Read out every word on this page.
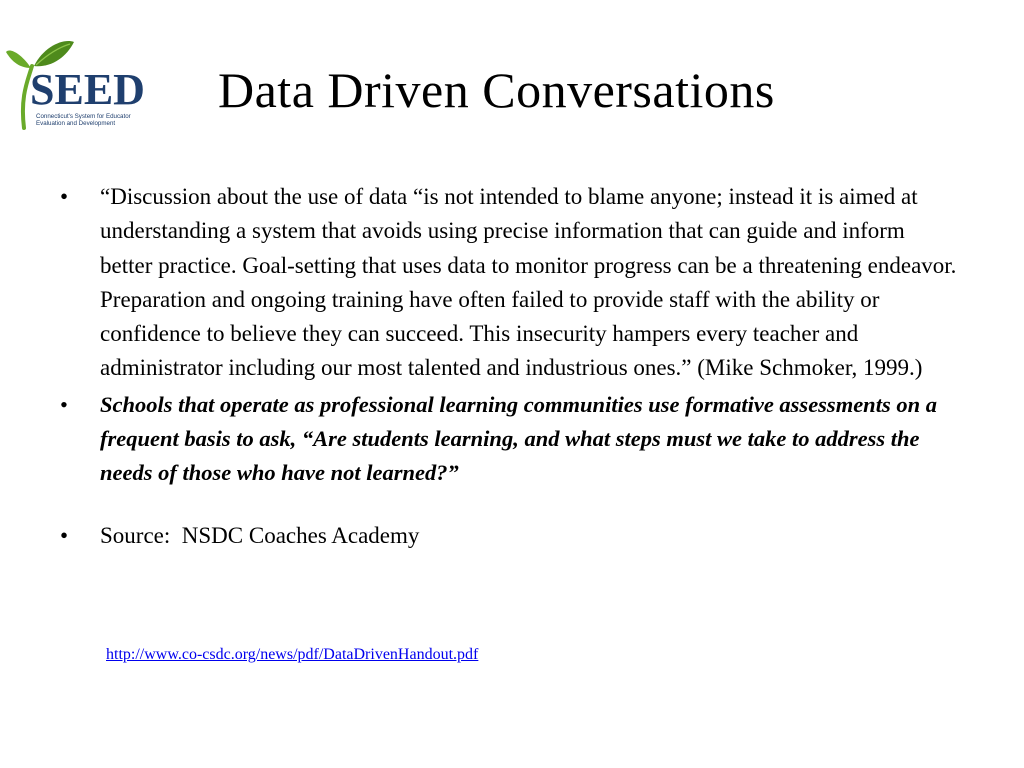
SEED
Connecticut's System for Educator
Evaluation and Development
Data Driven Conversations
• “Discussion about the use of data “is not intended to blame anyone; instead it is aimed at understanding a system that avoids using precise information that can guide and inform better practice. Goal-setting that uses data to monitor progress can be a threatening endeavor. Preparation and ongoing training have often failed to provide staff with the ability or confidence to believe they can succeed. This insecurity hampers every teacher and administrator including our most talented and industrious ones.” (Mike Schmoker, 1999.)
• Schools that operate as professional learning communities use formative assessments on a frequent basis to ask, “Are students learning, and what steps must we take to address the needs of those who have not learned?”
• Source:  NSDC Coaches Academy
http://www.co-csdc.org/news/pdf/DataDrivenHandout.pdf
